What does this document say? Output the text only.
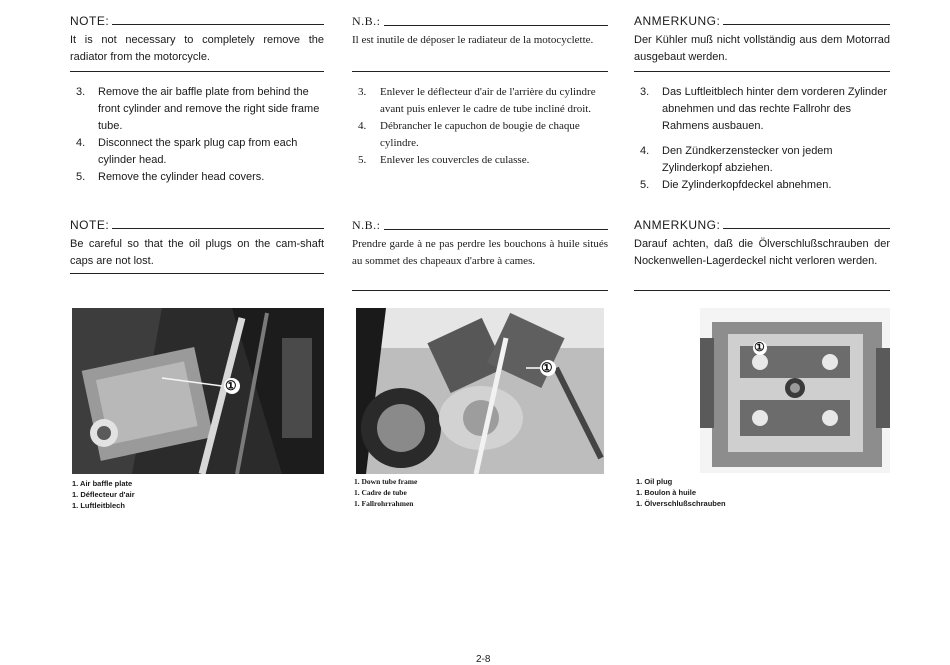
NOTE:
It is not necessary to completely remove the radiator from the motorcycle.
3. Remove the air baffle plate from behind the front cylinder and remove the right side frame tube.
4. Disconnect the spark plug cap from each cylinder head.
5. Remove the cylinder head covers.
NOTE:
Be careful so that the oil plugs on the cam-shaft caps are not lost.
①
1. Air baffle plate
1. Déflecteur d'air
1. Luftleitblech
N.B.:
Il est inutile de déposer le radiateur de la motocyclette.
3. Enlever le déflecteur d'air de l'arrière du cylindre avant puis enlever le cadre de tube incliné droit.
4. Débrancher le capuchon de bougie de chaque cylindre.
5. Enlever les couvercles de culasse.
N.B.:
Prendre garde à ne pas perdre les bouchons à huile situés au sommet des chapeaux d'arbre à cames.
①
1. Down tube frame
1. Cadre de tube
1. Fallrohrrahmen
ANMERKUNG:
Der Kühler muß nicht vollständig aus dem Motorrad ausgebaut werden.
3. Das Luftleitblech hinter dem vorderen Zylinder abnehmen und das rechte Fallrohr des Rahmens ausbauen.
4. Den Zündkerzenstecker von jedem Zylinderkopf abziehen.
5. Die Zylinderkopfdeckel abnehmen.
ANMERKUNG:
Darauf achten, daß die Ölverschlußschrauben der Nockenwellen-Lagerdeckel nicht verloren werden.
①
1. Oil plug
1. Boulon à huile
1. Ölverschlußschrauben
2-8
